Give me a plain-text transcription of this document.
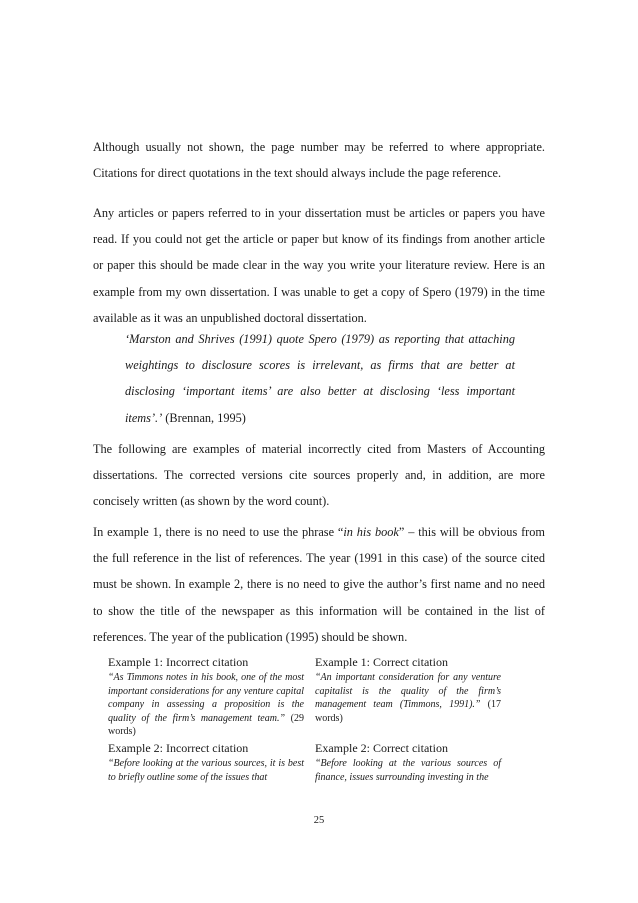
Although usually not shown, the page number may be referred to where appropriate. Citations for direct quotations in the text should always include the page reference.

Any articles or papers referred to in your dissertation must be articles or papers you have read. If you could not get the article or paper but know of its findings from another article or paper this should be made clear in the way you write your literature review. Here is an example from my own dissertation. I was unable to get a copy of Spero (1979) in the time available as it was an unpublished doctoral dissertation.

‘Marston and Shrives (1991) quote Spero (1979) as reporting that attaching weightings to disclosure scores is irrelevant, as firms that are better at disclosing ‘important items’ are also better at disclosing ‘less important items’.’ (Brennan, 1995)

The following are examples of material incorrectly cited from Masters of Accounting dissertations. The corrected versions cite sources properly and, in addition, are more concisely written (as shown by the word count).

In example 1, there is no need to use the phrase “in his book” – this will be obvious from the full reference in the list of references. The year (1991 in this case) of the source cited must be shown. In example 2, there is no need to give the author’s first name and no need to show the title of the newspaper as this information will be contained in the list of references. The year of the publication (1995) should be shown.

Example 1: Incorrect citation
“As Timmons notes in his book, one of the most important considerations for any venture capital company in assessing a proposition is the quality of the firm’s management team.” (29 words)
Example 1: Correct citation
“An important consideration for any venture capitalist is the quality of the firm’s management team (Timmons, 1991).” (17 words)
Example 2: Incorrect citation
“Before looking at the various sources, it is best to briefly outline some of the issues that
Example 2: Correct citation
“Before looking at the various sources of finance, issues surrounding investing in the
25
